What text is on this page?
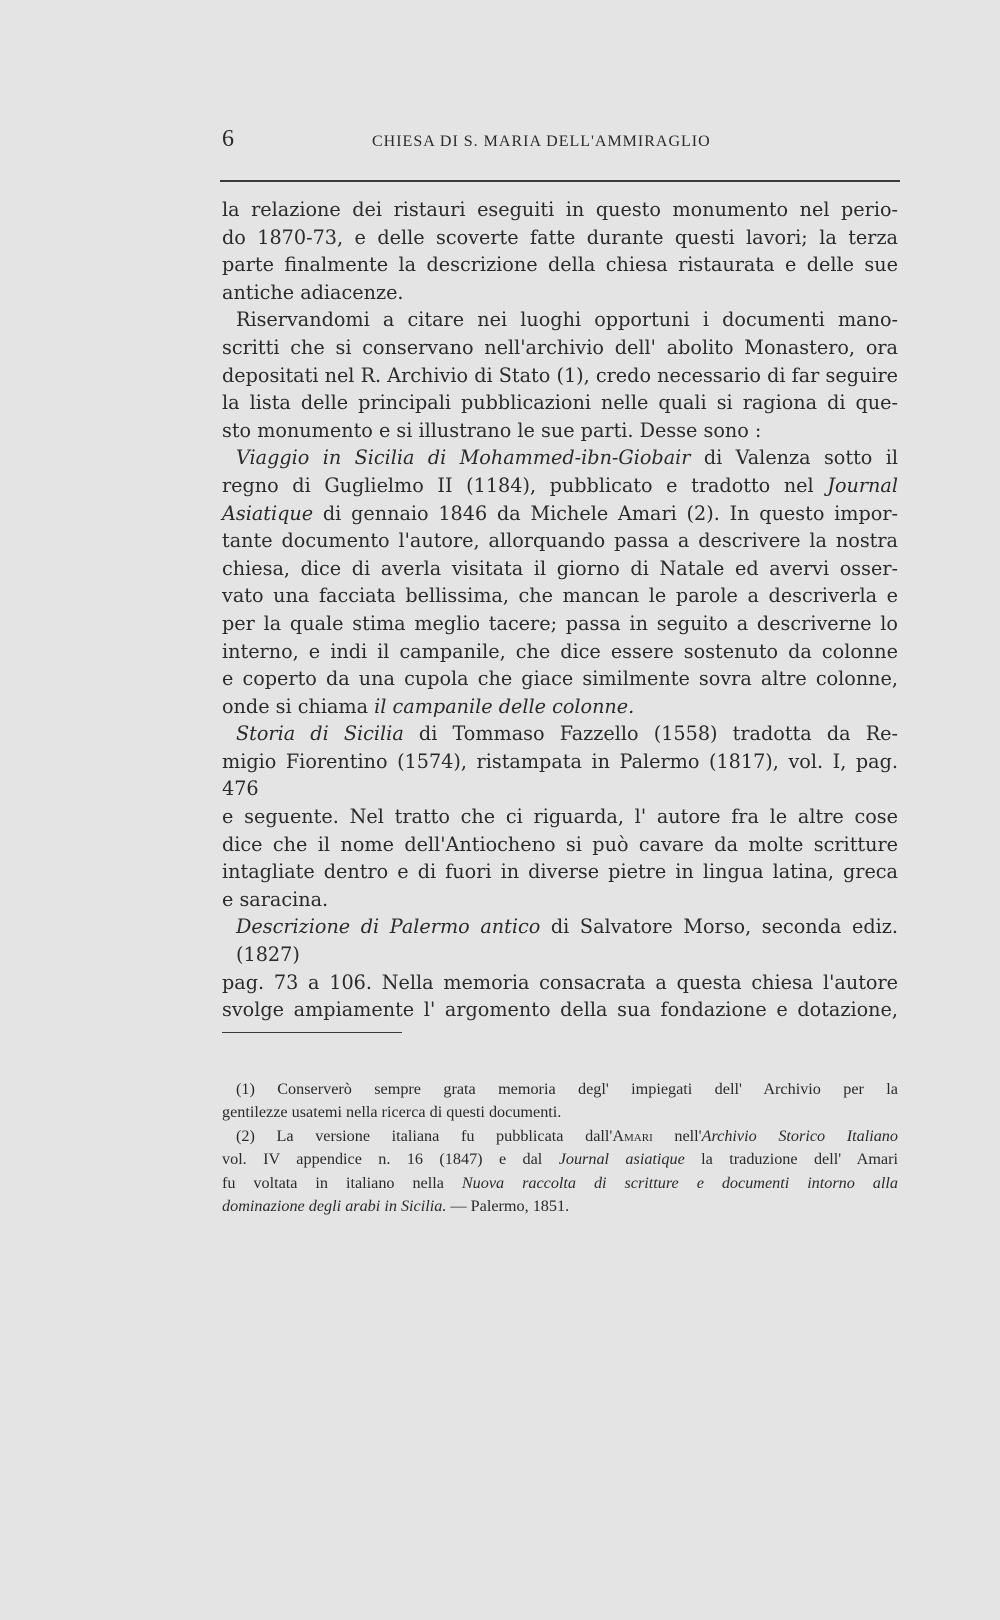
6	CHIESA DI S. MARIA DELL'AMMIRAGLIO
la relazione dei ristauri eseguiti in questo monumento nel perio-
do 1870-73, e delle scoverte fatte durante questi lavori; la terza
parte finalmente la descrizione della chiesa ristaurata e delle sue
antiche adiacenze.
Riservandomi a citare nei luoghi opportuni i documenti mano-
scritti che si conservano nell'archivio dell' abolito Monastero, ora
depositati nel R. Archivio di Stato (1), credo necessario di far seguire
la lista delle principali pubblicazioni nelle quali si ragiona di que-
sto monumento e si illustrano le sue parti. Desse sono :
Viaggio in Sicilia di Mohammed-ibn-Giobair di Valenza sotto il
regno di Guglielmo II (1184), pubblicato e tradotto nel Journal
Asiatique di gennaio 1846 da Michele Amari (2). In questo impor-
tante documento l'autore, allorquando passa a descrivere la nostra
chiesa, dice di averla visitata il giorno di Natale ed avervi osser-
vato una facciata bellissima, che mancan le parole a descriverla e
per la quale stima meglio tacere; passa in seguito a descriverne lo
interno, e indi il campanile, che dice essere sostenuto da colonne
e coperto da una cupola che giace similmente sovra altre colonne,
onde si chiama il campanile delle colonne.
Storia di Sicilia di Tommaso Fazzello (1558) tradotta da Re-
migio Fiorentino (1574), ristampata in Palermo (1817), vol. I, pag. 476
e seguente. Nel tratto che ci riguarda, l' autore fra le altre cose
dice che il nome dell'Antiocheno si può cavare da molte scritture
intagliate dentro e di fuori in diverse pietre in lingua latina, greca
e saracina.
Descrizione di Palermo antico di Salvatore Morso, seconda ediz.(1827)
pag. 73 a 106. Nella memoria consacrata a questa chiesa l'autore
svolge ampiamente l' argomento della sua fondazione e dotazione,
(1) Conserverò sempre grata memoria degl' impiegati dell' Archivio per la
gentilezze usatemi nella ricerca di questi documenti.
(2) La versione italiana fu pubblicata dall'Amari nell'Archivio Storico Italiano
vol. IV appendice n. 16 (1847) e dal Journal asiatique la traduzione dell' Amari
fu voltata in italiano nella Nuova raccolta di scritture e documenti intorno alla
dominazione degli arabi in Sicilia. — Palermo, 1851.
